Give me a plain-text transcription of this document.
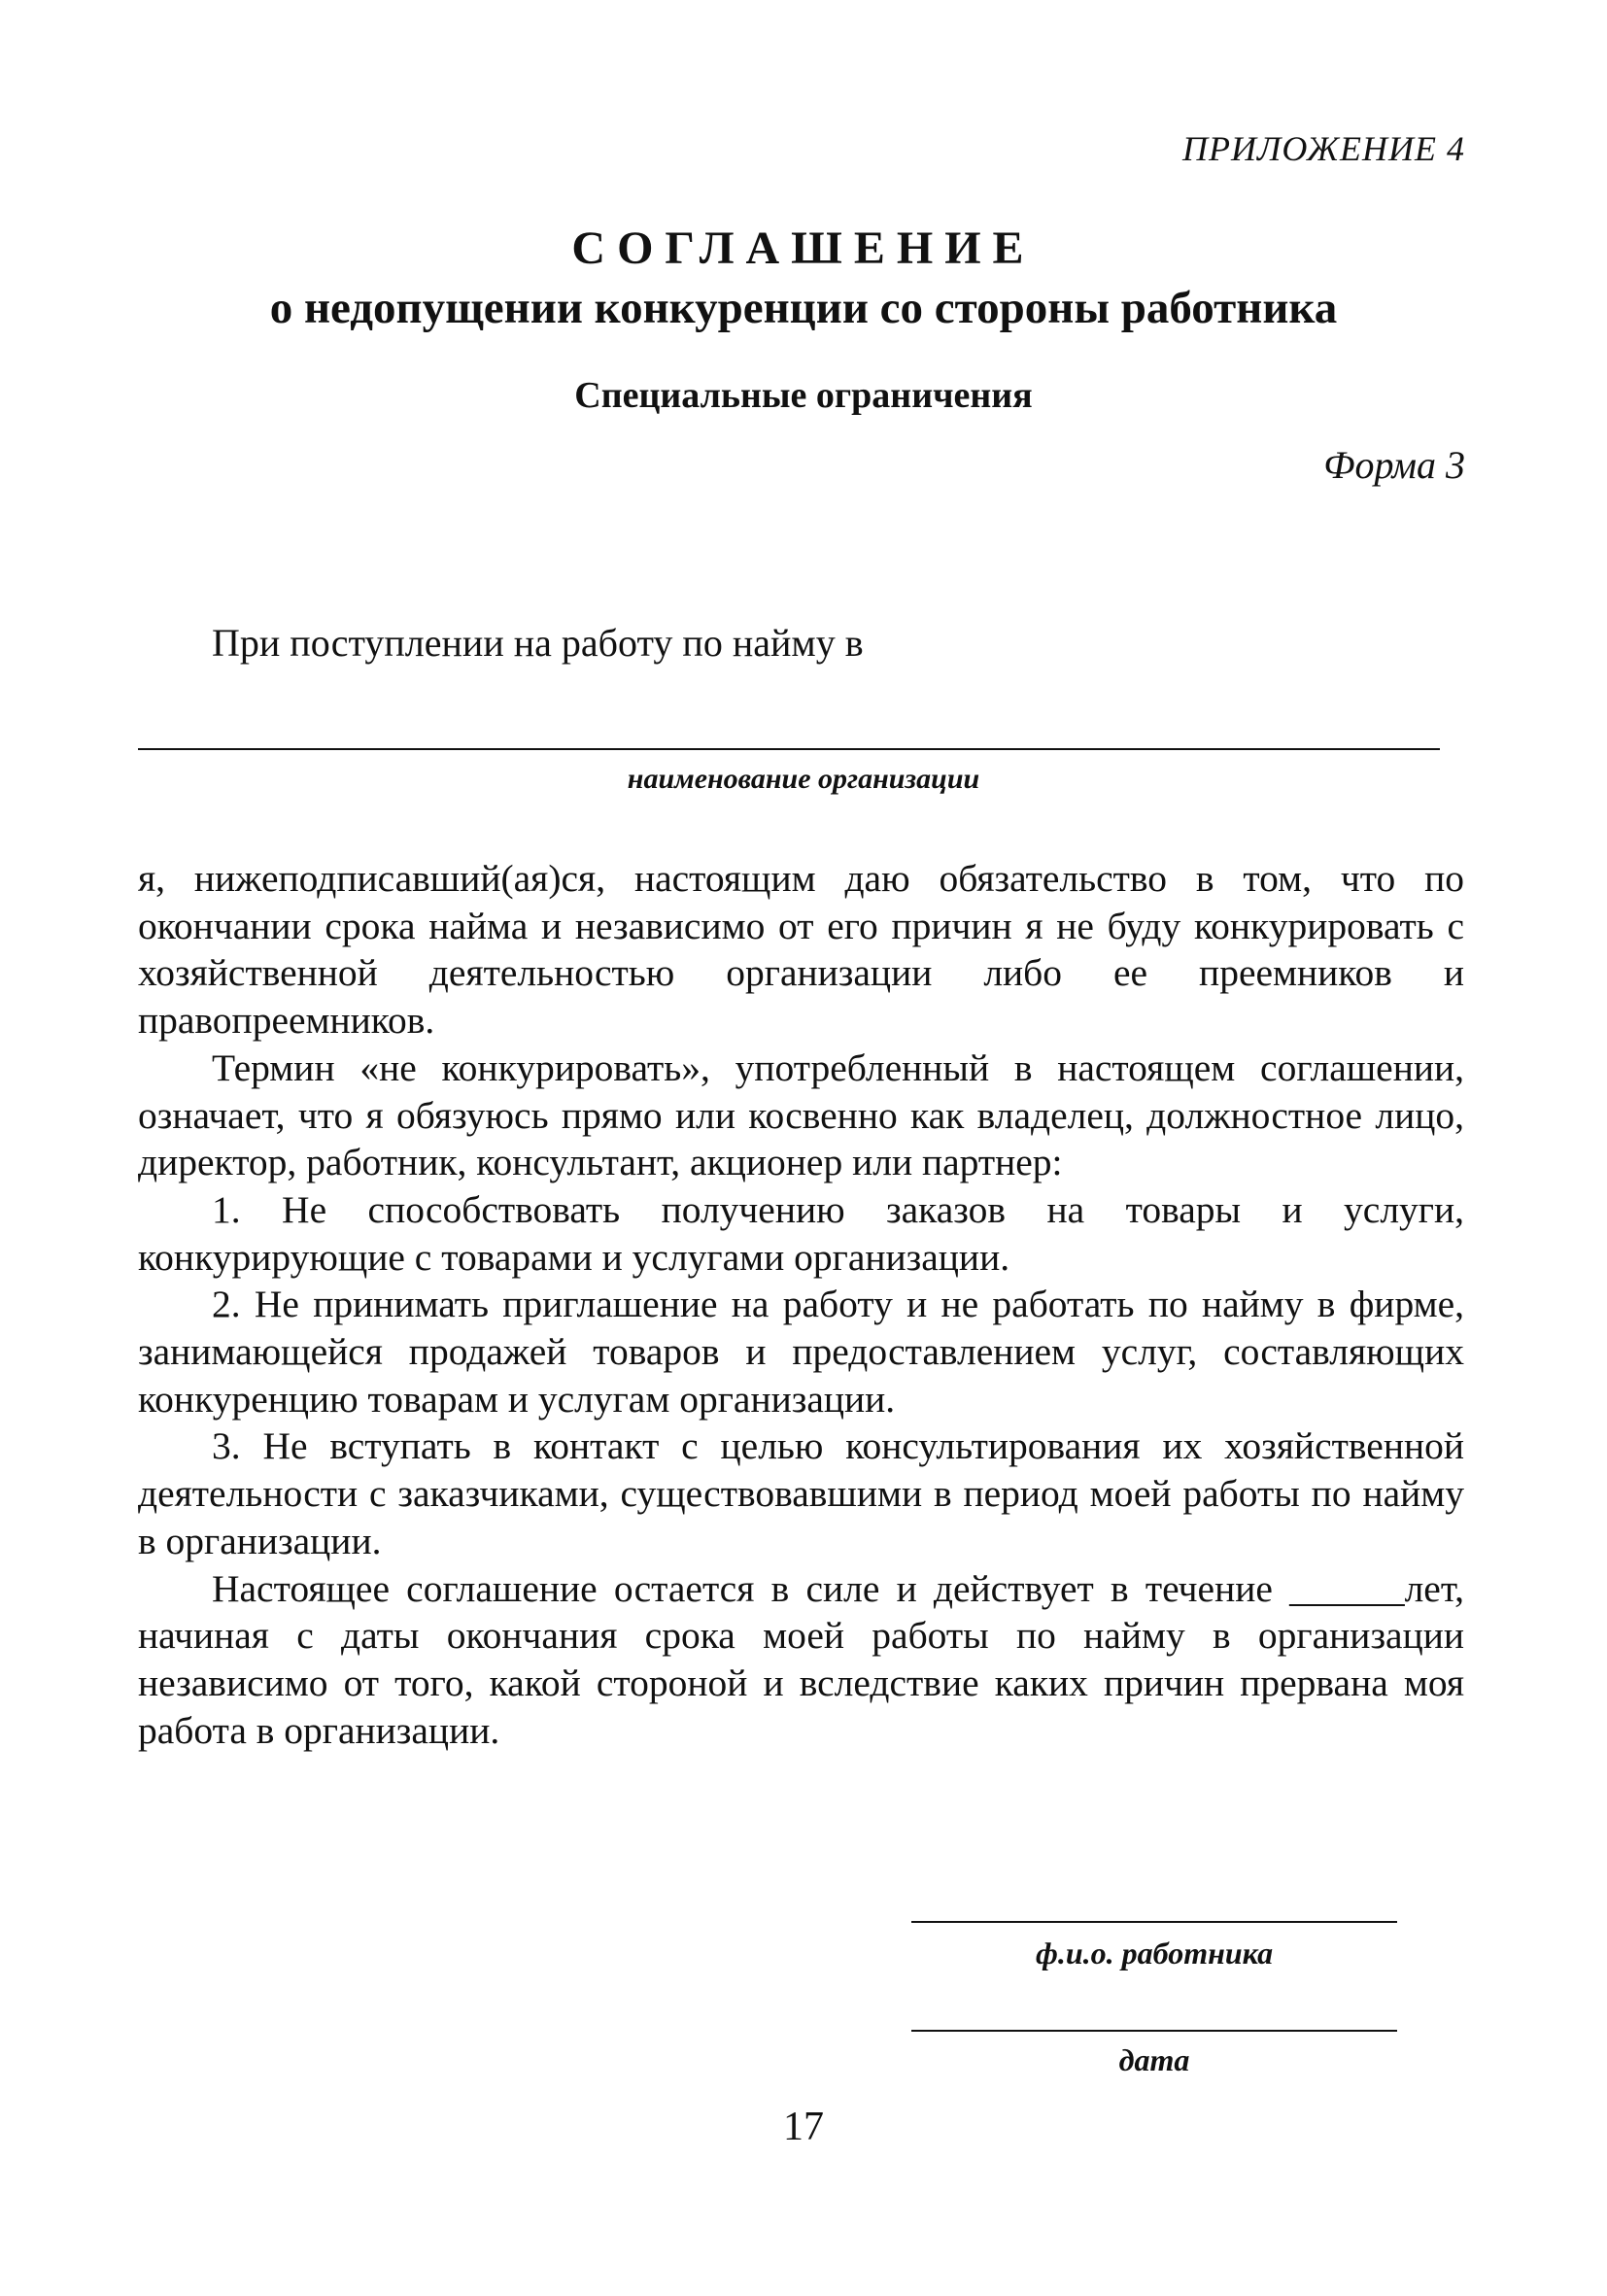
ПРИЛОЖЕНИЕ 4
СОГЛАШЕНИЕ
о недопущении конкуренции со стороны работника
Специальные ограничения
Форма 3
При поступлении на работу по найму в
наименование организации

я, нижеподписавший(ая)ся, настоящим даю обязательство в том, что по окончании срока найма и независимо от его причин я не буду конкурировать с хозяйственной деятельностью организации либо ее преемников и правопреемников.

Термин «не конкурировать», употребленный в настоящем соглашении, означает, что я обязуюсь прямо или косвенно как владелец, должностное лицо, директор, работник, консультант, акционер или партнер:

1. Не способствовать получению заказов на товары и услуги, конкурирующие с товарами и услугами организации.

2. Не принимать приглашение на работу и не работать по найму в фирме, занимающейся продажей товаров и предоставлением услуг, составляющих конкуренцию товарам и услугам организации.

3. Не вступать в контакт с целью консультирования их хозяйственной деятельности с заказчиками, существовавшими в период моей работы по найму в организации.

Настоящее соглашение остается в силе и действует в течение ______лет, начиная с даты окончания срока моей работы по найму в организации независимо от того, какой стороной и вследствие каких причин прервана моя работа в организации.

ф.и.о. работника
дата
17
